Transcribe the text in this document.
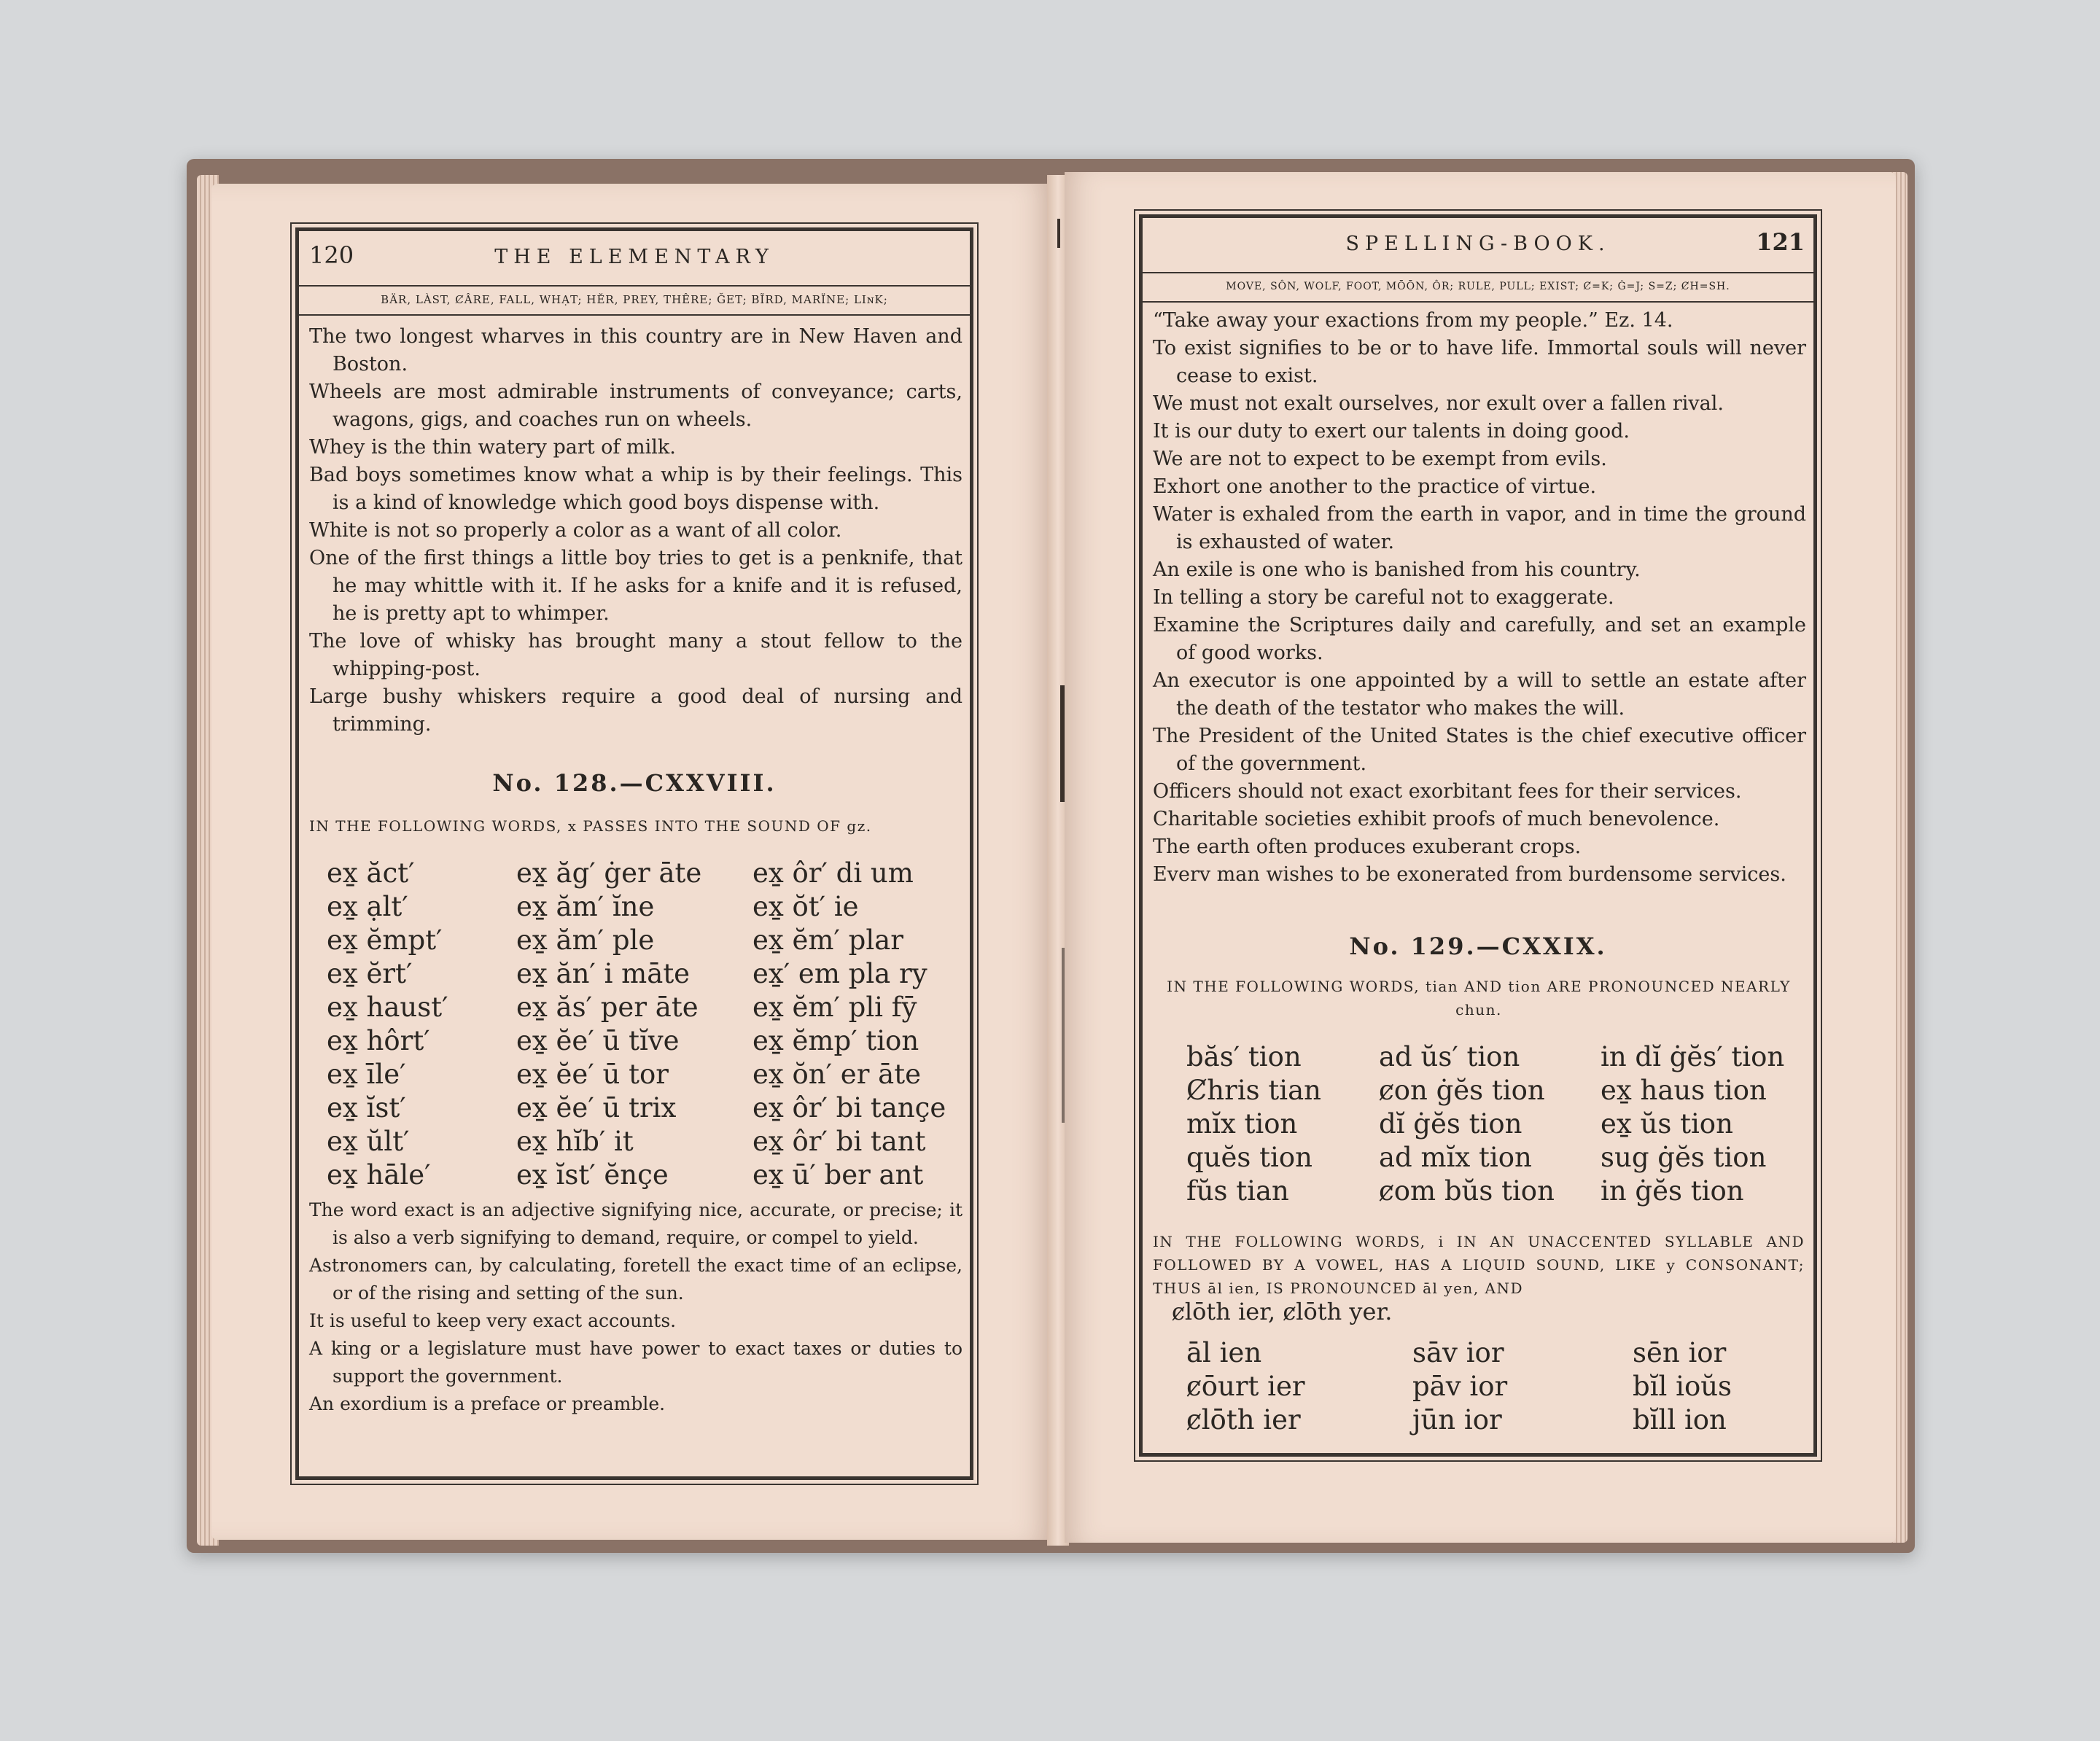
120	THE ELEMENTARY
BÄR, LÀST, ȻÂRE, FALL, WHẠT; HĔR, PREY, THÊRE; ĞET; BĨRD, MARÏNE; LIɴK;
The two longest wharves in this country are in New Haven and Boston.
Wheels are most admirable instruments of conveyance; carts, wagons, gigs, and coaches run on wheels.
Whey is the thin watery part of milk.
Bad boys sometimes know what a whip is by their feelings. This is a kind of knowledge which good boys dispense with.
White is not so properly a color as a want of all color.
One of the first things a little boy tries to get is a penknife, that he may whittle with it. If he asks for a knife and it is refused, he is pretty apt to whimper.
The love of whisky has brought many a stout fellow to the whipping-post.
Large bushy whiskers require a good deal of nursing and trimming.
No. 128.—CXXVIII.
IN THE FOLLOWING WORDS, x PASSES INTO THE SOUND OF gz.
ex̱ ăct′
ex̱ ạlt′
ex̱ ĕmpt′
ex̱ ĕrt′
ex̱ haust′
ex̱ hôrt′
ex̱ īle′
ex̱ ĭst′
ex̱ ŭlt′
ex̱ hāle′
ex̱ ăg′ ġer āte
ex̱ ăm′ ĭne
ex̱ ăm′ ple
ex̱ ăn′ i māte
ex̱ ăs′ per āte
ex̱ ĕe′ ū tĭve
ex̱ ĕe′ ū tor
ex̱ ĕe′ ū trix
ex̱ hĭb′ it
ex̱ ĭst′ ĕnçe
ex̱ ôr′ di um
ex̱ ŏt′ ie
ex̱ ĕm′ plar
ex̱′ em pla ry
ex̱ ĕm′ pli fȳ
ex̱ ĕmp′ tion
ex̱ ŏn′ er āte
ex̱ ôr′ bi tançe
ex̱ ôr′ bi tant
ex̱ ū′ ber ant
The word exact is an adjective signifying nice, accurate, or precise; it is also a verb signifying to demand, require, or compel to yield.
Astronomers can, by calculating, foretell the exact time of an eclipse, or of the rising and setting of the sun.
It is useful to keep very exact accounts.
A king or a legislature must have power to exact taxes or duties to support the government.
An exordium is a preface or preamble.
SPELLING-BOOK.	121
MOVE, SÔN, WOLF, FOOT, MŌŌN, ÔR; RULE, PULL; EXIST; Ȼ=K; Ġ=J; S=Z; ȻH=SH.
“Take away your exactions from my people.” Ez. 14.
To exist signifies to be or to have life. Immortal souls will never cease to exist.
We must not exalt ourselves, nor exult over a fallen rival.
It is our duty to exert our talents in doing good.
We are not to expect to be exempt from evils.
Exhort one another to the practice of virtue.
Water is exhaled from the earth in vapor, and in time the ground is exhausted of water.
An exile is one who is banished from his country.
In telling a story be careful not to exaggerate.
Examine the Scriptures daily and carefully, and set an example of good works.
An executor is one appointed by a will to settle an estate after the death of the testator who makes the will.
The President of the United States is the chief executive officer of the government.
Officers should not exact exorbitant fees for their services.
Charitable societies exhibit proofs of much benevolence.
The earth often produces exuberant crops.
Everv man wishes to be exonerated from burdensome services.
No. 129.—CXXIX.
IN THE FOLLOWING WORDS, tian AND tion ARE PRONOUNCED NEARLY chun.
băs′ tion
Ȼhris tian
mĭx tion
quĕs tion
fŭs tian
ad ŭs′ tion
ȼon ġĕs tion
dĭ ġĕs tion
ad mĭx tion
ȼom bŭs tion
in dĭ ġĕs′ tion
ex̱ haus tion
ex̱ ŭs tion
sug ġĕs tion
in ġĕs tion
IN THE FOLLOWING WORDS, i IN AN UNACCENTED SYLLABLE AND FOLLOWED BY A VOWEL, HAS A LIQUID SOUND, LIKE y CONSONANT; THUS āl ien, IS PRONOUNCED āl yen, AND
ȼlōth ier, ȼlōth yer.
āl ien
ȼōurt ier
ȼlōth ier
sāv ior
pāv ior
jūn ior
sēn ior
bĭl ioŭs
bĭll ion
